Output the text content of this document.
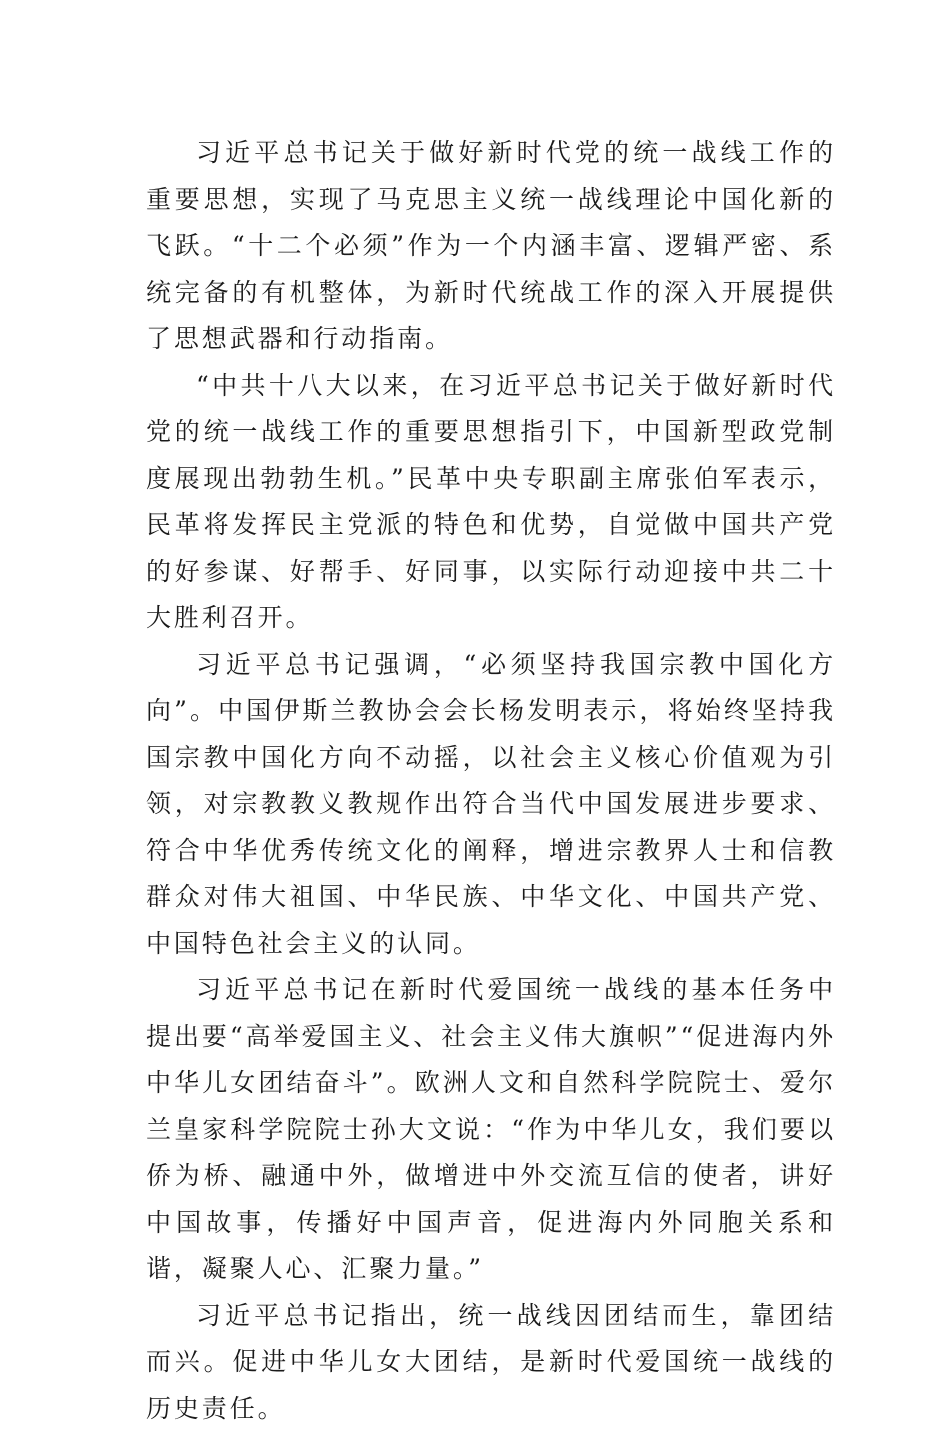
习近平总书记关于做好新时代党的统一战线工作的重要思想，实现了马克思主义统一战线理论中国化新的飞跃。“十二个必须”作为一个内涵丰富、逻辑严密、系统完备的有机整体，为新时代统战工作的深入开展提供了思想武器和行动指南。

“中共十八大以来，在习近平总书记关于做好新时代党的统一战线工作的重要思想指引下，中国新型政党制度展现出勃勃生机。”民革中央专职副主席张伯军表示，民革将发挥民主党派的特色和优势，自觉做中国共产党的好参谋、好帮手、好同事，以实际行动迎接中共二十大胜利召开。

习近平总书记强调，“必须坚持我国宗教中国化方向”。中国伊斯兰教协会会长杨发明表示，将始终坚持我国宗教中国化方向不动摇，以社会主义核心价值观为引领，对宗教教义教规作出符合当代中国发展进步要求、符合中华优秀传统文化的阐释，增进宗教界人士和信教群众对伟大祖国、中华民族、中华文化、中国共产党、中国特色社会主义的认同。

习近平总书记在新时代爱国统一战线的基本任务中提出要“高举爱国主义、社会主义伟大旗帜”“促进海内外中华儿女团结奋斗”。欧洲人文和自然科学院院士、爱尔兰皇家科学院院士孙大文说：“作为中华儿女，我们要以侨为桥、融通中外，做增进中外交流互信的使者，讲好中国故事，传播好中国声音，促进海内外同胞关系和谐，凝聚人心、汇聚力量。”

习近平总书记指出，统一战线因团结而生，靠团结而兴。促进中华儿女大团结，是新时代爱国统一战线的历史责任。
